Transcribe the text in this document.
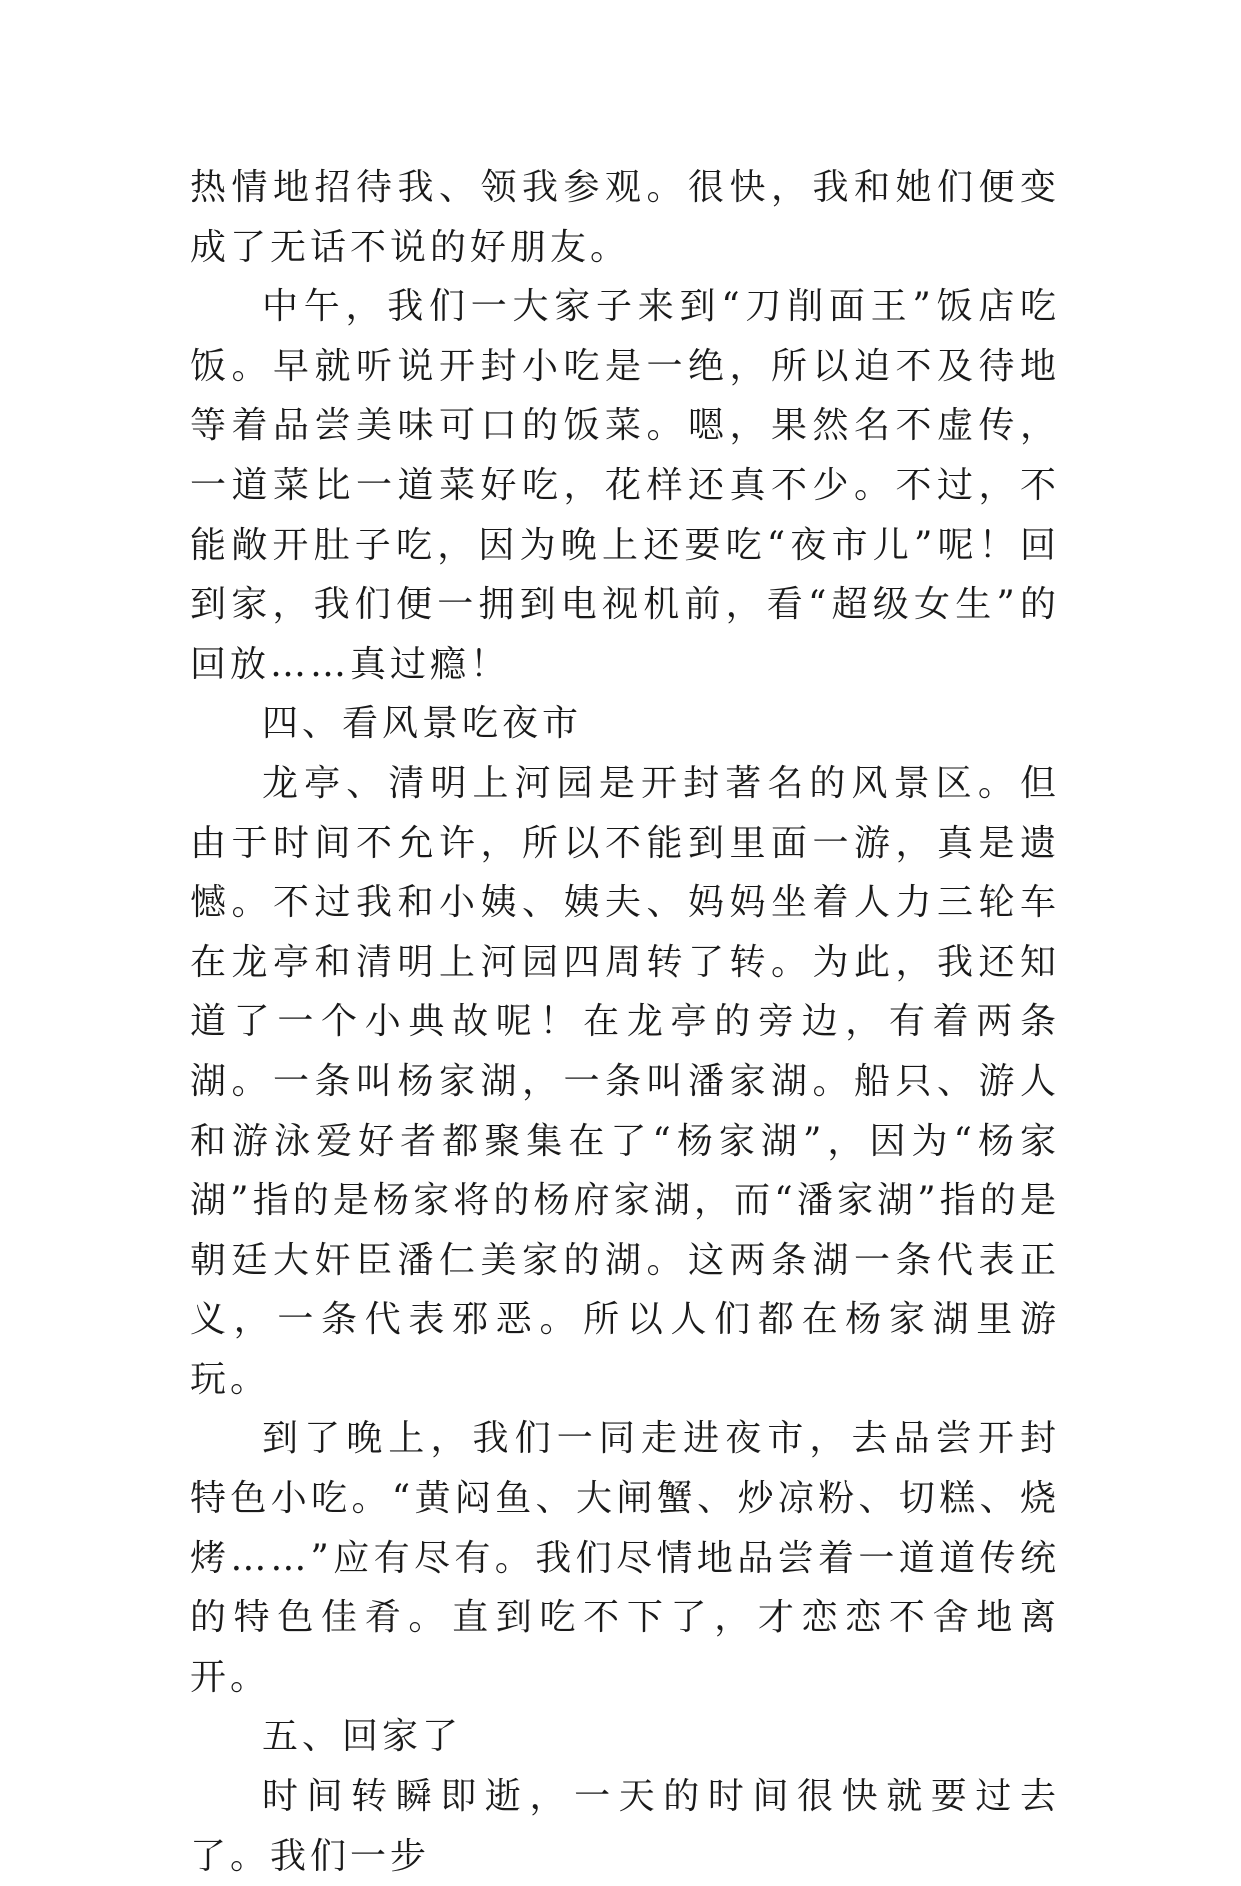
热情地招待我、领我参观。很快，我和她们便变成了无话不说的好朋友。

中午，我们一大家子来到“刀削面王”饭店吃饭。早就听说开封小吃是一绝，所以迫不及待地等着品尝美味可口的饭菜。嗯，果然名不虚传，一道菜比一道菜好吃，花样还真不少。不过，不能敞开肚子吃，因为晚上还要吃“夜市儿”呢！回到家，我们便一拥到电视机前，看“超级女生”的回放……真过瘾！

四、看风景吃夜市

龙亭、清明上河园是开封著名的风景区。但由于时间不允许，所以不能到里面一游，真是遗憾。不过我和小姨、姨夫、妈妈坐着人力三轮车在龙亭和清明上河园四周转了转。为此，我还知道了一个小典故呢！在龙亭的旁边，有着两条湖。一条叫杨家湖，一条叫潘家湖。船只、游人和游泳爱好者都聚集在了“杨家湖”，因为“杨家湖”指的是杨家将的杨府家湖，而“潘家湖”指的是朝廷大奸臣潘仁美家的湖。这两条湖一条代表正义，一条代表邪恶。所以人们都在杨家湖里游玩。

到了晚上，我们一同走进夜市，去品尝开封特色小吃。“黄闷鱼、大闸蟹、炒凉粉、切糕、烧烤……”应有尽有。我们尽情地品尝着一道道传统的特色佳肴。直到吃不下了，才恋恋不舍地离开。

五、回家了

时间转瞬即逝，一天的时间很快就要过去了。我们一步
